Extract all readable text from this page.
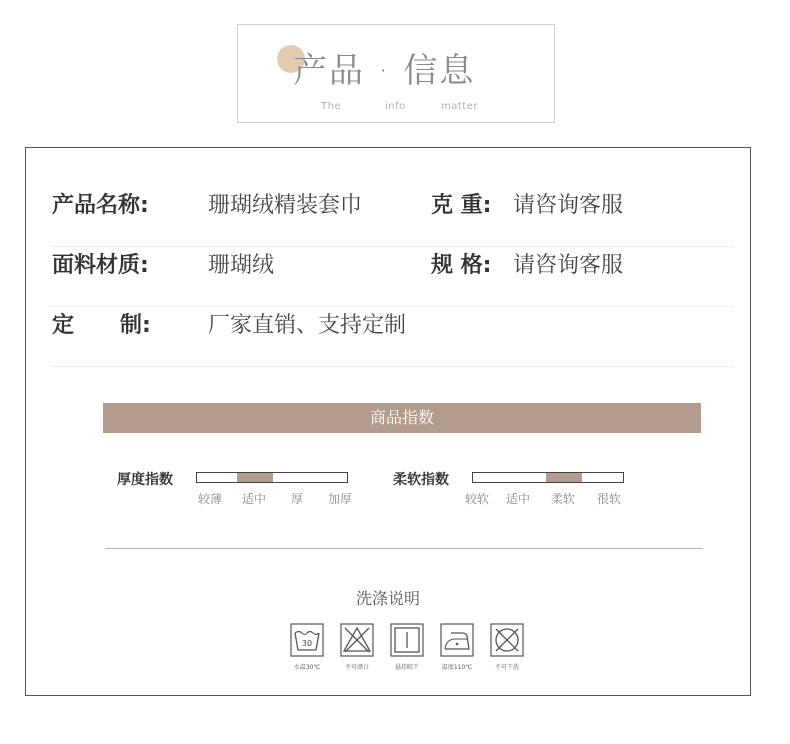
产品 · 信息
The	info	matter
产品名称:	珊瑚绒精装套巾	克 重: 请咨询客服
面料材质:	珊瑚绒	规 格: 请咨询客服
定      制:	厂家直销、支持定制
商品指数
厚度指数
较薄 适中 厚 加厚
柔软指数
较软 适中 柔软 很软
洗涤说明
30
水温30℃	不可漂白	悬挂晾干	温度110℃	不可干洗
